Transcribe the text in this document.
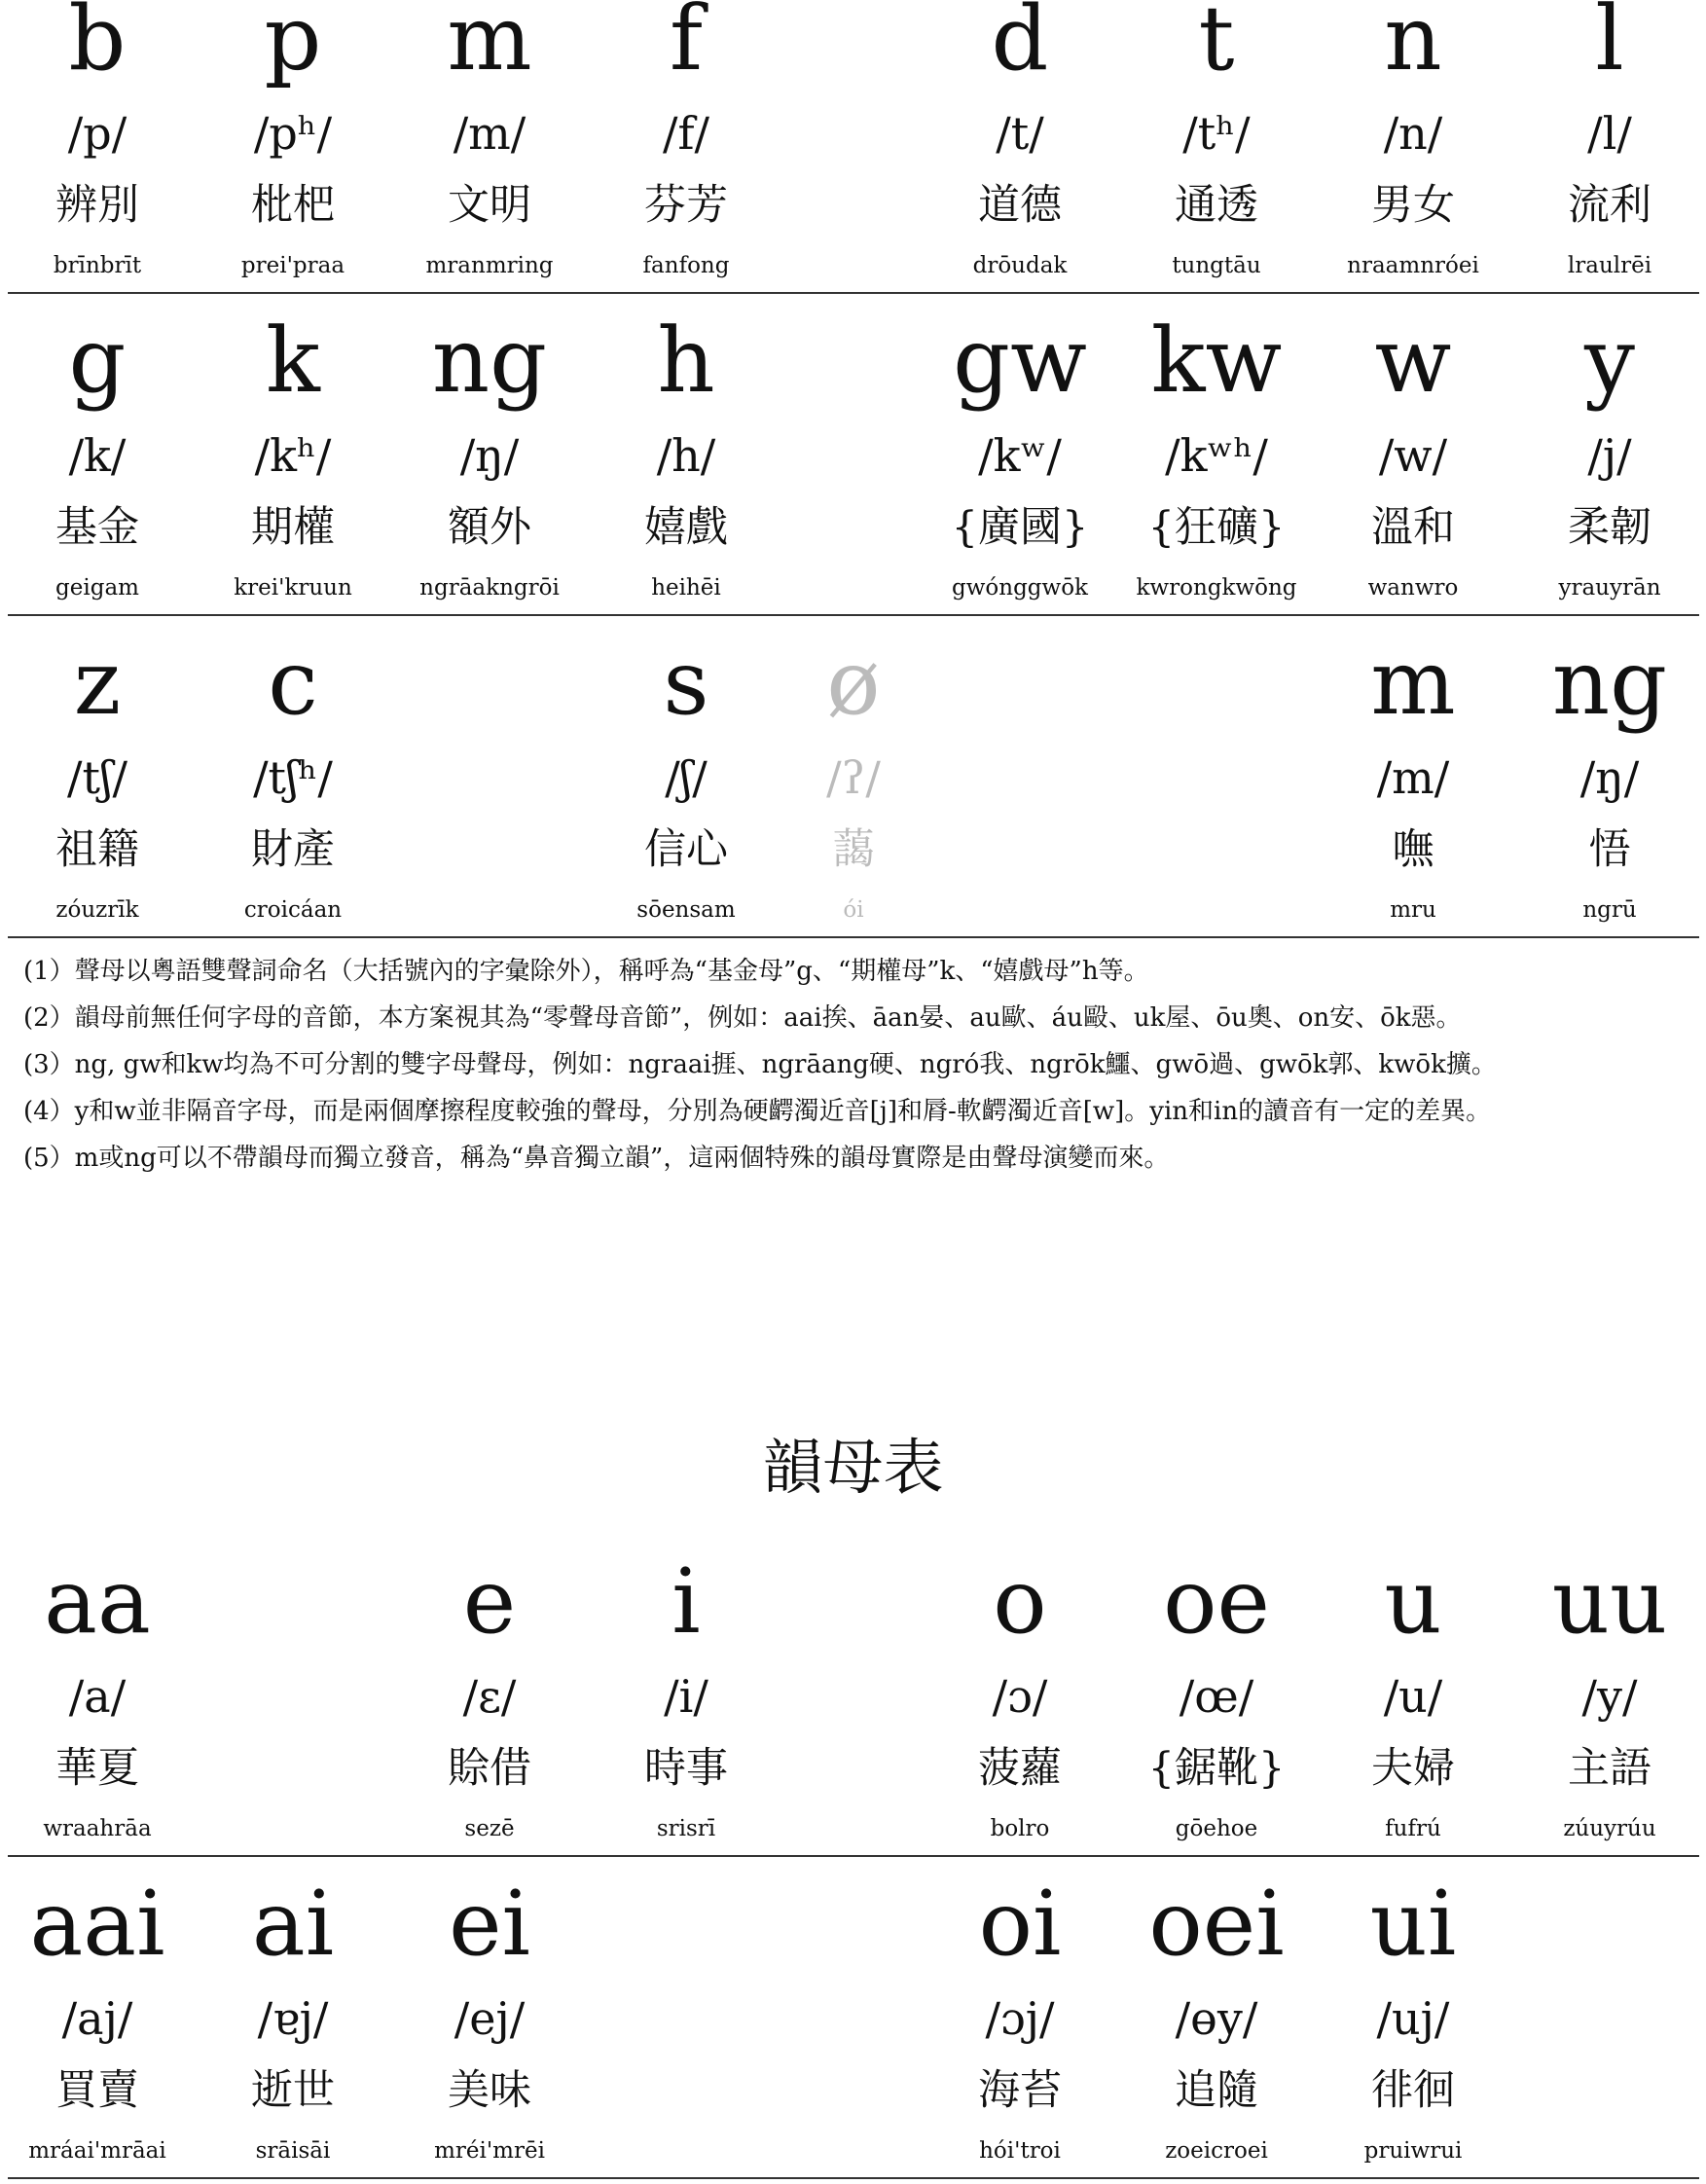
b
/p/
辨別
brīnbrīt
p
/pʰ/
枇杷
prei'praa
m
/m/
文明
mranmring
f
/f/
芬芳
fanfong
d
/t/
道德
drōudak
t
/tʰ/
通透
tungtāu
n
/n/
男女
nraamnróei
l
/l/
流利
lraulrēi
g
/k/
基金
geigam
k
/kʰ/
期權
krei'kruun
ng
/ŋ/
額外
ngrāakngrōi
h
/h/
嬉戲
heihēi
gw
/kʷ/
{廣國}
gwónggwōk
kw
/kʷʰ/
{狂礦}
kwrongkwōng
w
/w/
溫和
wanwro
y
/j/
柔韌
yrauyrān
z
/tʃ/
祖籍
zóuzrīk
c
/tʃʰ/
財產
croicáan
s
/ʃ/
信心
sōensam
ø
/ʔ/
藹
ói
m
/m/
嘸
mru
ng
/ŋ/
悟
ngrū
(1）聲母以粵語雙聲詞命名（大括號內的字彙除外），稱呼為“基金母”g、“期權母”k、“嬉戲母”h等。
(2）韻母前無任何字母的音節，本方案視其為“零聲母音節”，例如：aai挨、āan晏、au歐、áu毆、uk屋、ōu奧、on安、ōk惡。
(3）ng, gw和kw均為不可分割的雙字母聲母，例如：ngraai捱、ngrāang硬、ngró我、ngrōk鱷、gwō過、gwōk郭、kwōk擴。
(4）y和w並非隔音字母，而是兩個摩擦程度較強的聲母，分別為硬齶濁近音[j]和脣-軟齶濁近音[w]。yin和in的讀音有一定的差異。
(5）m或ng可以不帶韻母而獨立發音，稱為“鼻音獨立韻”，這兩個特殊的韻母實際是由聲母演變而來。
韻母表
aa
/a/
華夏
wraahrāa
e
/ɛ/
賒借
sezē
i
/i/
時事
srisrī
o
/ɔ/
菠蘿
bolro
oe
/œ/
{鋸靴}
gōehoe
u
/u/
夫婦
fufrú
uu
/y/
主語
zúuyrúu
aai
/aj/
買賣
mráai'mrāai
ai
/ɐj/
逝世
srāisāi
ei
/ej/
美味
mréi'mrēi
oi
/ɔj/
海苔
hói'troi
oei
/ɵy/
追隨
zoeicroei
ui
/uj/
徘徊
pruiwrui
